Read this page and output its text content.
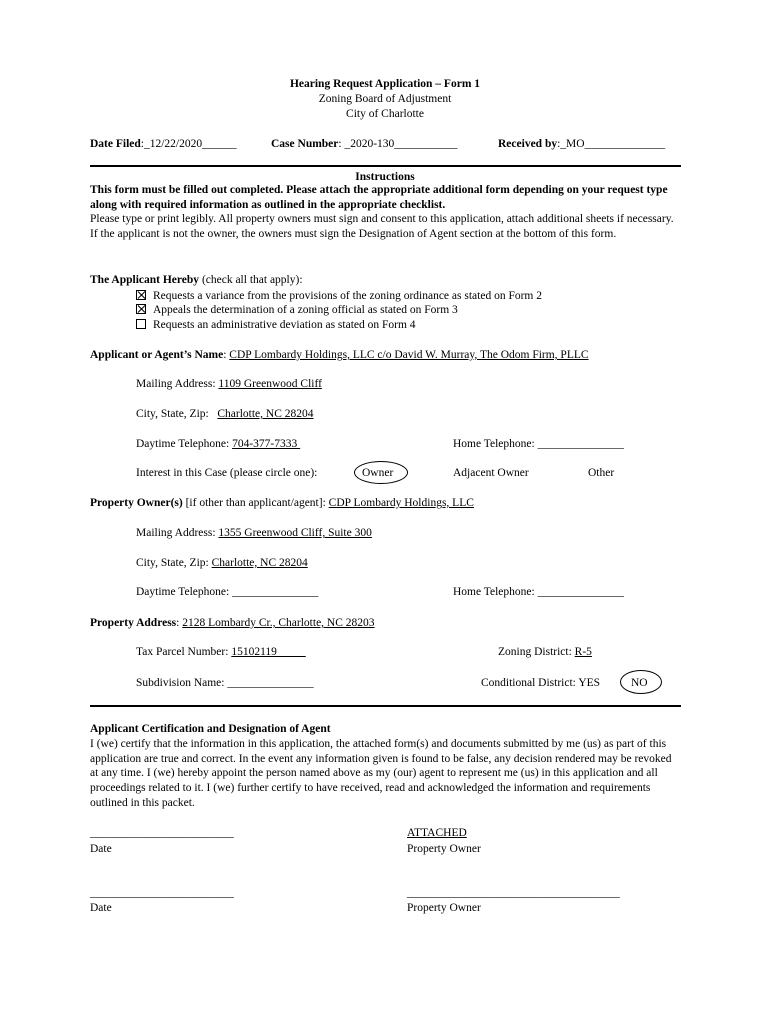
Hearing Request Application – Form 1
Zoning Board of Adjustment
City of Charlotte
Date Filed:_12/22/2020______	Case Number: _2020-130___________	Received by:_MO______________
Instructions
This form must be filled out completed. Please attach the appropriate additional form depending on your request type along with required information as outlined in the appropriate checklist.
Please type or print legibly. All property owners must sign and consent to this application, attach additional sheets if necessary. If the applicant is not the owner, the owners must sign the Designation of Agent section at the bottom of this form.
The Applicant Hereby (check all that apply):
Requests a variance from the provisions of the zoning ordinance as stated on Form 2
Appeals the determination of a zoning official as stated on Form 3
Requests an administrative deviation as stated on Form 4
Applicant or Agent’s Name: CDP Lombardy Holdings, LLC c/o David W. Murray, The Odom Firm, PLLC
Mailing Address: 1109 Greenwood Cliff
City, State, Zip:   Charlotte, NC 28204
Daytime Telephone: 704-377-7333	Home Telephone: _______________
Interest in this Case (please circle one):	Owner	Adjacent Owner	Other
Property Owner(s) [if other than applicant/agent]: CDP Lombardy Holdings, LLC
Mailing Address: 1355 Greenwood Cliff, Suite 300
City, State, Zip: Charlotte, NC 28204
Daytime Telephone: _______________	Home Telephone: _______________
Property Address: 2128 Lombardy Cr., Charlotte, NC 28203
Tax Parcel Number: 15102119_____	Zoning District: R-5
Subdivision Name: _______________	Conditional District: YES	NO
Applicant Certification and Designation of Agent
I (we) certify that the information in this application, the attached form(s) and documents submitted by me (us) as part of this application are true and correct. In the event any information given is found to be false, any decision rendered may be revoked at any time. I (we) hereby appoint the person named above as my (our) agent to represent me (us) in this application and all proceedings related to it. I (we) further certify to have received, read and acknowledged the information and requirements outlined in this packet.
_________________________
Date
ATTACHED
Property Owner
_________________________
Date
_____________________________________
Property Owner
